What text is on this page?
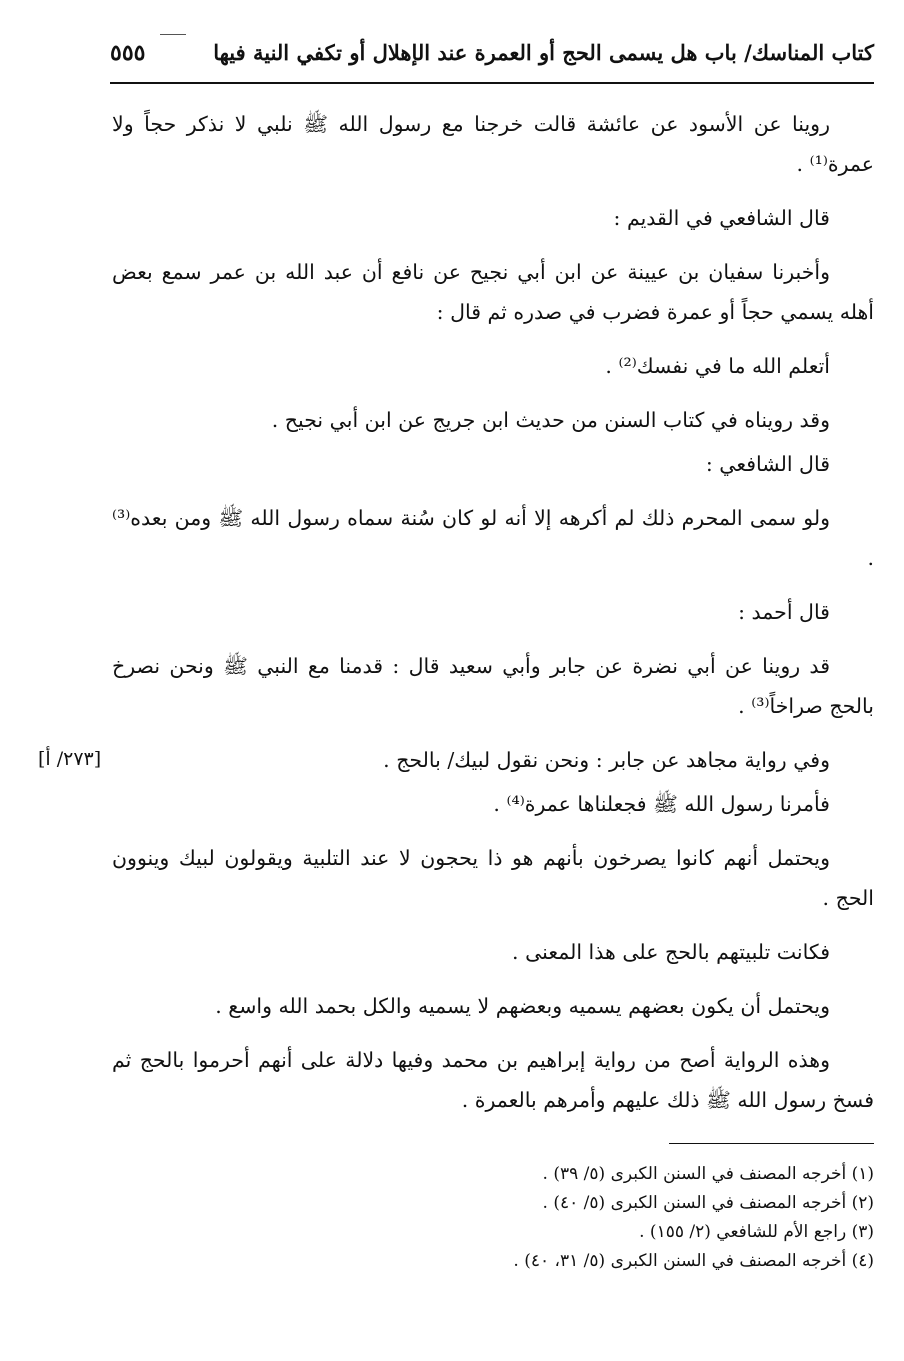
كتاب المناسك/ باب هل يسمى الحج أو العمرة عند الإهلال أو تكفي النية فيها
٥٥٥
[٢٧٣/ أ]

روينا عن الأسود عن عائشة قالت خرجنا مع رسول الله ﷺ نلبي لا نذكر حجاً ولا عمرة⁽¹⁾ .

قال الشافعي في القديم :

وأخبرنا سفيان بن عيينة عن ابن أبي نجيح عن نافع أن عبد الله بن عمر سمع بعض أهله يسمي حجاً أو عمرة فضرب في صدره ثم قال :

أتعلم الله ما في نفسك⁽²⁾ .

وقد رويناه في كتاب السنن من حديث ابن جريج عن ابن أبي نجيح .

قال الشافعي :

ولو سمى المحرم ذلك لم أكرهه إلا أنه لو كان سُنة سماه رسول الله ﷺ ومن بعده⁽³⁾ .

قال أحمد :

قد روينا عن أبي نضرة عن جابر وأبي سعيد قال : قدمنا مع النبي ﷺ ونحن نصرخ بالحج صراخاً⁽³⁾ .

وفي رواية مجاهد عن جابر : ونحن نقول لبيك/ بالحج .

فأمرنا رسول الله ﷺ فجعلناها عمرة⁽⁴⁾ .

ويحتمل أنهم كانوا يصرخون بأنهم هو ذا يحجون لا عند التلبية ويقولون لبيك وينوون الحج .

فكانت تلبيتهم بالحج على هذا المعنى .

ويحتمل أن يكون بعضهم يسميه وبعضهم لا يسميه والكل بحمد الله واسع .

وهذه الرواية أصح من رواية إبراهيم بن محمد وفيها دلالة على أنهم أحرموا بالحج ثم فسخ رسول الله ﷺ ذلك عليهم وأمرهم بالعمرة .

(١) أخرجه المصنف في السنن الكبرى (٥/ ٣٩) .

(٢) أخرجه المصنف في السنن الكبرى (٥/ ٤٠) .

(٣) راجع الأم للشافعي (٢/ ١٥٥) .

(٤) أخرجه المصنف في السنن الكبرى (٥/ ٣١، ٤٠) .
